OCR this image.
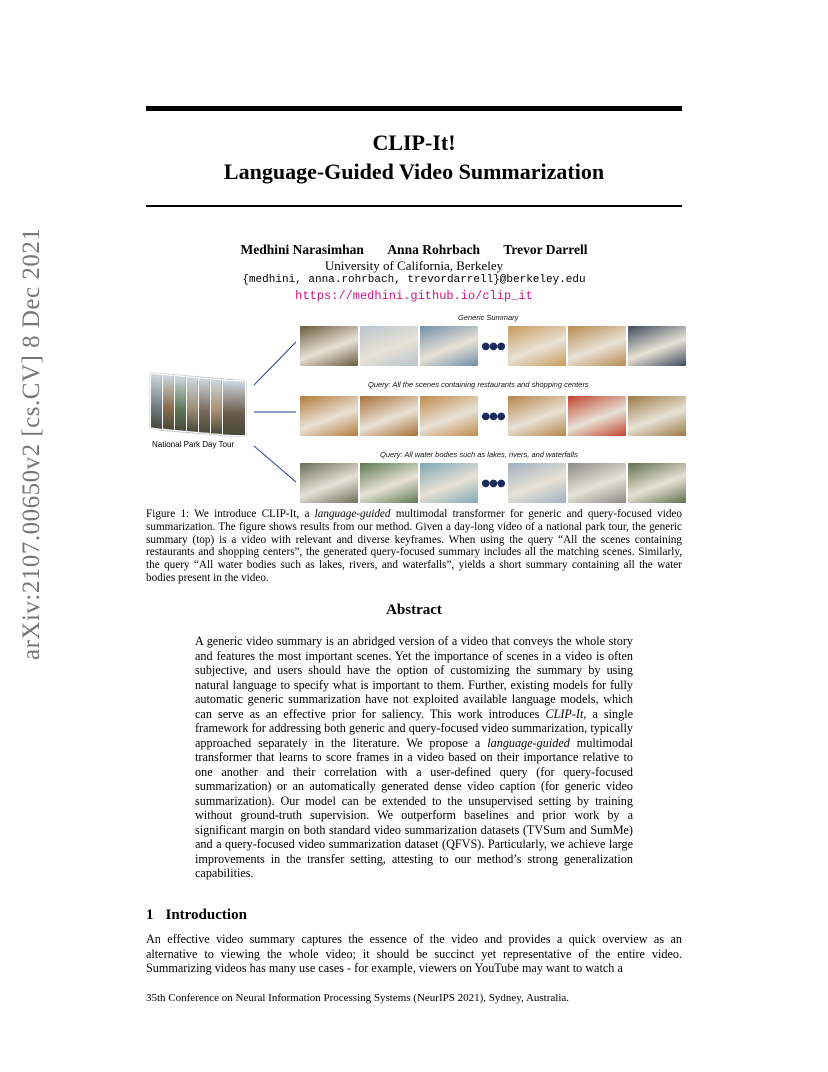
arXiv:2107.00650v2 [cs.CV] 8 Dec 2021
CLIP-It!
Language-Guided Video Summarization
Medhini Narasimhan Anna Rohrbach Trevor Darrell
University of California, Berkeley
{medhini, anna.rohrbach, trevordarrell}@berkeley.edu
https://medhini.github.io/clip_it
Generic Summary
Query: All the scenes containing restaurants and shopping centers
Query: All water bodies such as lakes, rivers, and waterfalls
National Park Day Tour
●●●
●●●
●●●
Figure 1: We introduce CLIP-It, a language-guided multimodal transformer for generic and query-focused video summarization. The figure shows results from our method. Given a day-long video of a national park tour, the generic summary (top) is a video with relevant and diverse keyframes. When using the query “All the scenes containing restaurants and shopping centers”, the generated query-focused summary includes all the matching scenes. Similarly, the query “All water bodies such as lakes, rivers, and waterfalls”, yields a short summary containing all the water bodies present in the video.
Abstract
A generic video summary is an abridged version of a video that conveys the whole story and features the most important scenes. Yet the importance of scenes in a video is often subjective, and users should have the option of customizing the summary by using natural language to specify what is important to them. Further, existing models for fully automatic generic summarization have not exploited available language models, which can serve as an effective prior for saliency. This work introduces CLIP-It, a single framework for addressing both generic and query-focused video summarization, typically approached separately in the literature. We propose a language-guided multimodal transformer that learns to score frames in a video based on their importance relative to one another and their correlation with a user-defined query (for query-focused summarization) or an automatically generated dense video caption (for generic video summarization). Our model can be extended to the unsupervised setting by training without ground-truth supervision. We outperform baselines and prior work by a significant margin on both standard video summarization datasets (TVSum and SumMe) and a query-focused video summarization dataset (QFVS). Particularly, we achieve large improvements in the transfer setting, attesting to our method’s strong generalization capabilities.
1 Introduction
An effective video summary captures the essence of the video and provides a quick overview as an alternative to viewing the whole video; it should be succinct yet representative of the entire video. Summarizing videos has many use cases - for example, viewers on YouTube may want to watch a
35th Conference on Neural Information Processing Systems (NeurIPS 2021), Sydney, Australia.
